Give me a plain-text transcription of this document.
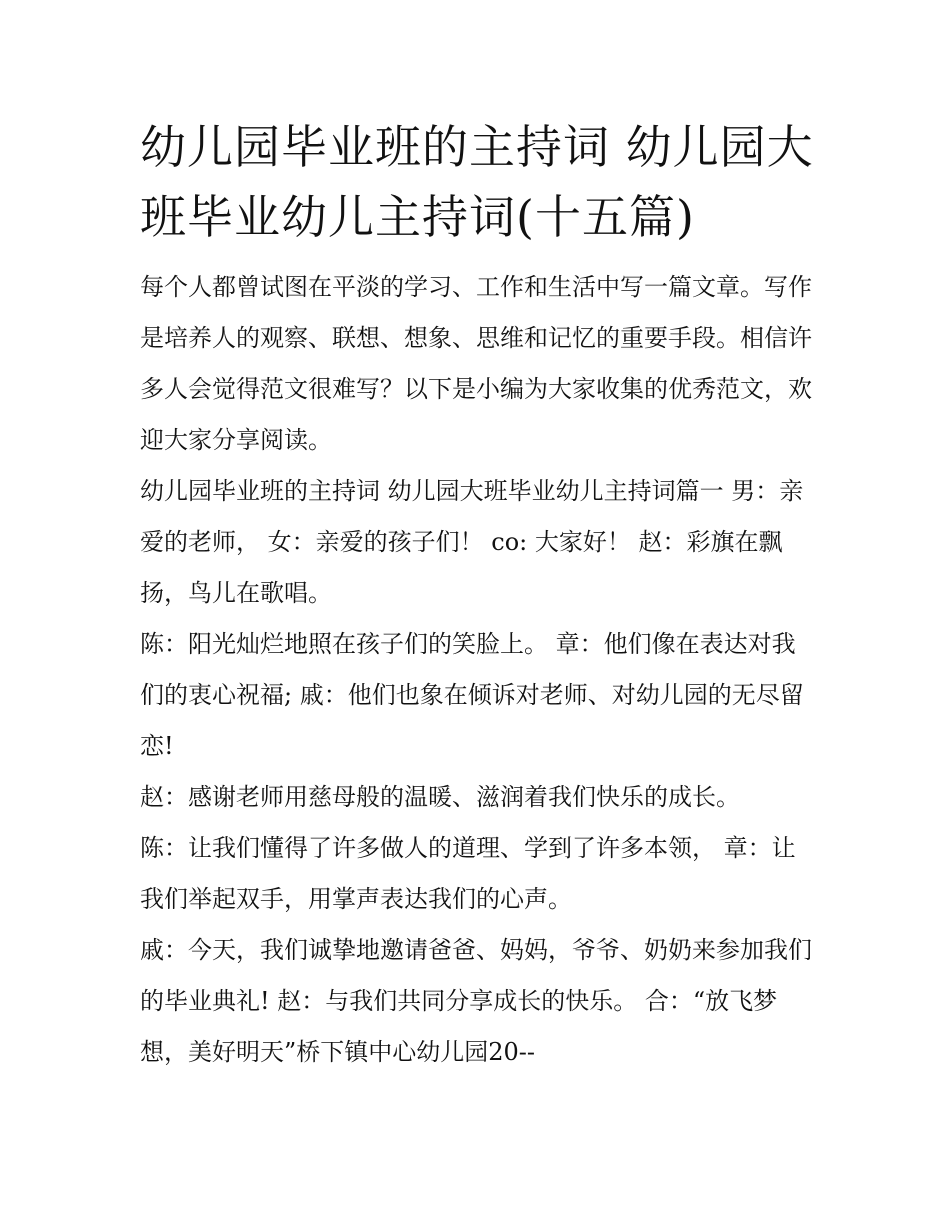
幼儿园毕业班的主持词 幼儿园大班毕业幼儿主持词(十五篇)

每个人都曾试图在平淡的学习、工作和生活中写一篇文章。写作是培养人的观察、联想、想象、思维和记忆的重要手段。相信许多人会觉得范文很难写？以下是小编为大家收集的优秀范文，欢迎大家分享阅读。

幼儿园毕业班的主持词 幼儿园大班毕业幼儿主持词篇一 男：亲爱的老师， 女：亲爱的孩子们！ co: 大家好！ 赵：彩旗在飘扬，鸟儿在歌唱。

陈：阳光灿烂地照在孩子们的笑脸上。 章：他们像在表达对我们的衷心祝福; 戚：他们也象在倾诉对老师、对幼儿园的无尽留恋!

赵：感谢老师用慈母般的温暖、滋润着我们快乐的成长。

陈：让我们懂得了许多做人的道理、学到了许多本领， 章：让我们举起双手，用掌声表达我们的心声。

戚：今天，我们诚挚地邀请爸爸、妈妈，爷爷、奶奶来参加我们的毕业典礼! 赵：与我们共同分享成长的快乐。 合：“放飞梦想，美好明天”桥下镇中心幼儿园20--
